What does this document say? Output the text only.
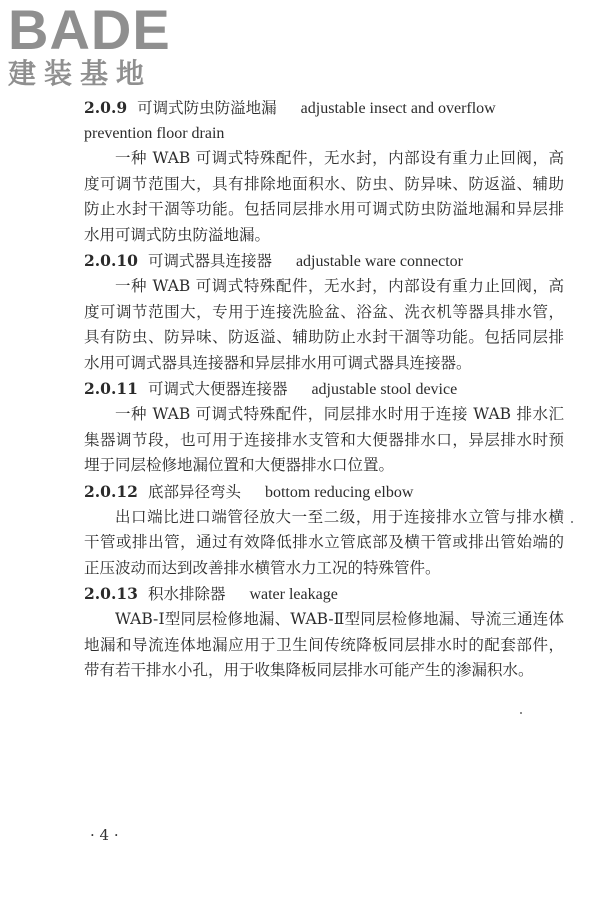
BADE
建装基地

2.0.9 可调式防虫防溢地漏 adjustable insect and overflow prevention floor drain

一种 WAB 可调式特殊配件，无水封，内部设有重力止回阀，高度可调节范围大，具有排除地面积水、防虫、防异味、防返溢、辅助防止水封干涸等功能。包括同层排水用可调式防虫防溢地漏和异层排水用可调式防虫防溢地漏。

2.0.10 可调式器具连接器 adjustable ware connector

一种 WAB 可调式特殊配件，无水封，内部设有重力止回阀，高度可调节范围大，专用于连接洗脸盆、浴盆、洗衣机等器具排水管，具有防虫、防异味、防返溢、辅助防止水封干涸等功能。包括同层排水用可调式器具连接器和异层排水用可调式器具连接器。

2.0.11 可调式大便器连接器 adjustable stool device

一种 WAB 可调式特殊配件，同层排水时用于连接 WAB 排水汇集器调节段，也可用于连接排水支管和大便器排水口，异层排水时预埋于同层检修地漏位置和大便器排水口位置。

2.0.12 底部异径弯头 bottom reducing elbow

出口端比进口端管径放大一至二级，用于连接排水立管与排水横干管或排出管，通过有效降低排水立管底部及横干管或排出管始端的正压波动而达到改善排水横管水力工况的特殊管件。

2.0.13 积水排除器 water leakage

WAB-Ⅰ型同层检修地漏、WAB-Ⅱ型同层检修地漏、导流三通连体地漏和导流连体地漏应用于卫生间传统降板同层排水时的配套部件，带有若干排水小孔，用于收集降板同层排水可能产生的渗漏积水。

· 4 ·
